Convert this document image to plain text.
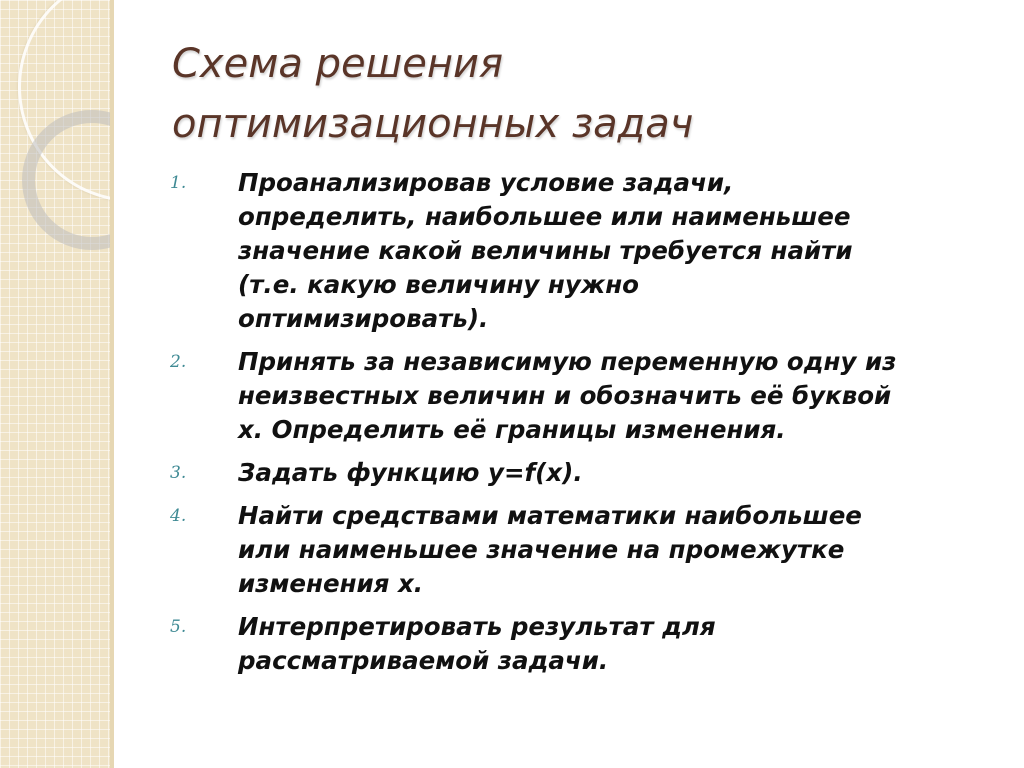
Схема решения
оптимизационных задач
1.	Проанализировав условие задачи,
определить, наибольшее или наименьшее
значение какой величины требуется найти
(т.е. какую величину нужно
оптимизировать).
2.	Принять за независимую переменную одну из
неизвестных величин и обозначить её буквой
х. Определить её границы изменения.
3.	Задать функцию y=f(x).
4.	Найти средствами математики наибольшее
или наименьшее значение на промежутке
изменения х.
5.	Интерпретировать результат для
рассматриваемой задачи.
